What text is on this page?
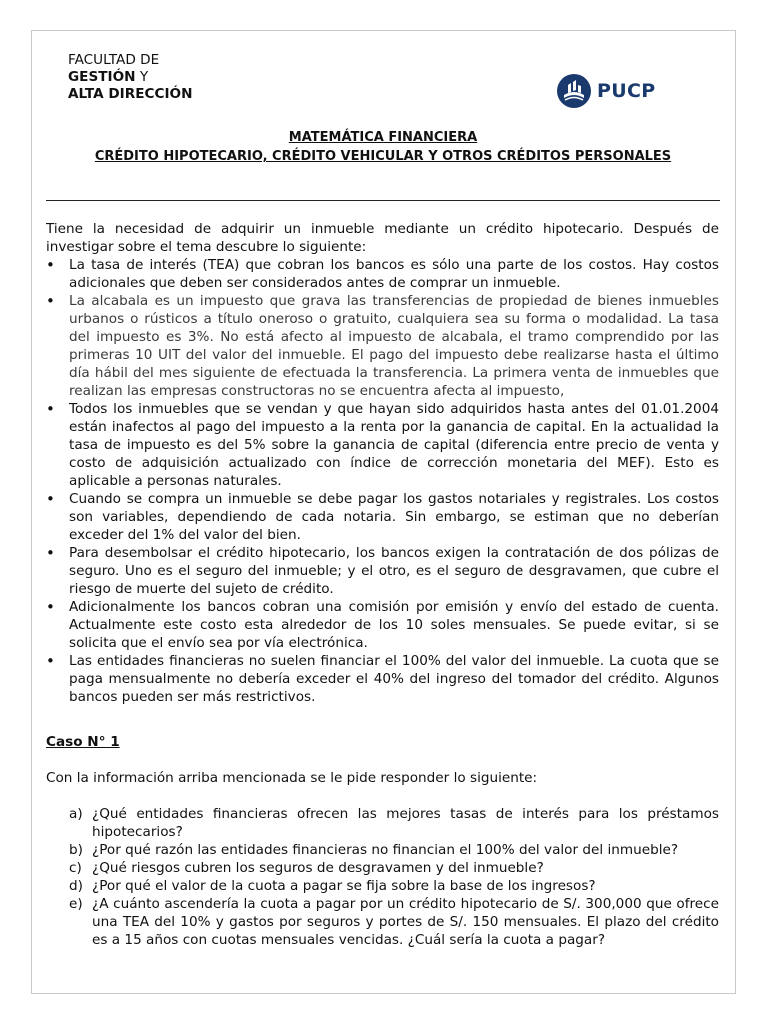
FACULTAD DE
GESTIÓN Y
ALTA DIRECCIÓN	PUCP
MATEMÁTICA FINANCIERA
CRÉDITO HIPOTECARIO, CRÉDITO VEHICULAR Y OTROS CRÉDITOS PERSONALES

Tiene la necesidad de adquirir un inmueble mediante un crédito hipotecario. Después de investigar sobre el tema descubre lo siguiente:

• La tasa de interés (TEA) que cobran los bancos es sólo una parte de los costos. Hay costos adicionales que deben ser considerados antes de comprar un inmueble.
• La alcabala es un impuesto que grava las transferencias de propiedad de bienes inmuebles urbanos o rústicos a título oneroso o gratuito, cualquiera sea su forma o modalidad. La tasa del impuesto es 3%. No está afecto al impuesto de alcabala, el tramo comprendido por las primeras 10 UIT del valor del inmueble. El pago del impuesto debe realizarse hasta el último día hábil del mes siguiente de efectuada la transferencia. La primera venta de inmuebles que realizan las empresas constructoras no se encuentra afecta al impuesto,
• Todos los inmuebles que se vendan y que hayan sido adquiridos hasta antes del 01.01.2004 están inafectos al pago del impuesto a la renta por la ganancia de capital. En la actualidad la tasa de impuesto es del 5% sobre la ganancia de capital (diferencia entre precio de venta y costo de adquisición actualizado con índice de corrección monetaria del MEF). Esto es aplicable a personas naturales.
• Cuando se compra un inmueble se debe pagar los gastos notariales y registrales. Los costos son variables, dependiendo de cada notaria. Sin embargo, se estiman que no deberían exceder del 1% del valor del bien.
• Para desembolsar el crédito hipotecario, los bancos exigen la contratación de dos pólizas de seguro. Uno es el seguro del inmueble; y el otro, es el seguro de desgravamen, que cubre el riesgo de muerte del sujeto de crédito.
• Adicionalmente los bancos cobran una comisión por emisión y envío del estado de cuenta. Actualmente este costo esta alrededor de los 10 soles mensuales. Se puede evitar, si se solicita que el envío sea por vía electrónica.
• Las entidades financieras no suelen financiar el 100% del valor del inmueble. La cuota que se paga mensualmente no debería exceder el 40% del ingreso del tomador del crédito. Algunos bancos pueden ser más restrictivos.
Caso N° 1

Con la información arriba mencionada se le pide responder lo siguiente:

a) ¿Qué entidades financieras ofrecen las mejores tasas de interés para los préstamos hipotecarios?
b) ¿Por qué razón las entidades financieras no financian el 100% del valor del inmueble?
c) ¿Qué riesgos cubren los seguros de desgravamen y del inmueble?
d) ¿Por qué el valor de la cuota a pagar se fija sobre la base de los ingresos?
e) ¿A cuánto ascendería la cuota a pagar por un crédito hipotecario de S/. 300,000 que ofrece una TEA del 10% y gastos por seguros y portes de S/. 150 mensuales. El plazo del crédito es a 15 años con cuotas mensuales vencidas. ¿Cuál sería la cuota a pagar?
